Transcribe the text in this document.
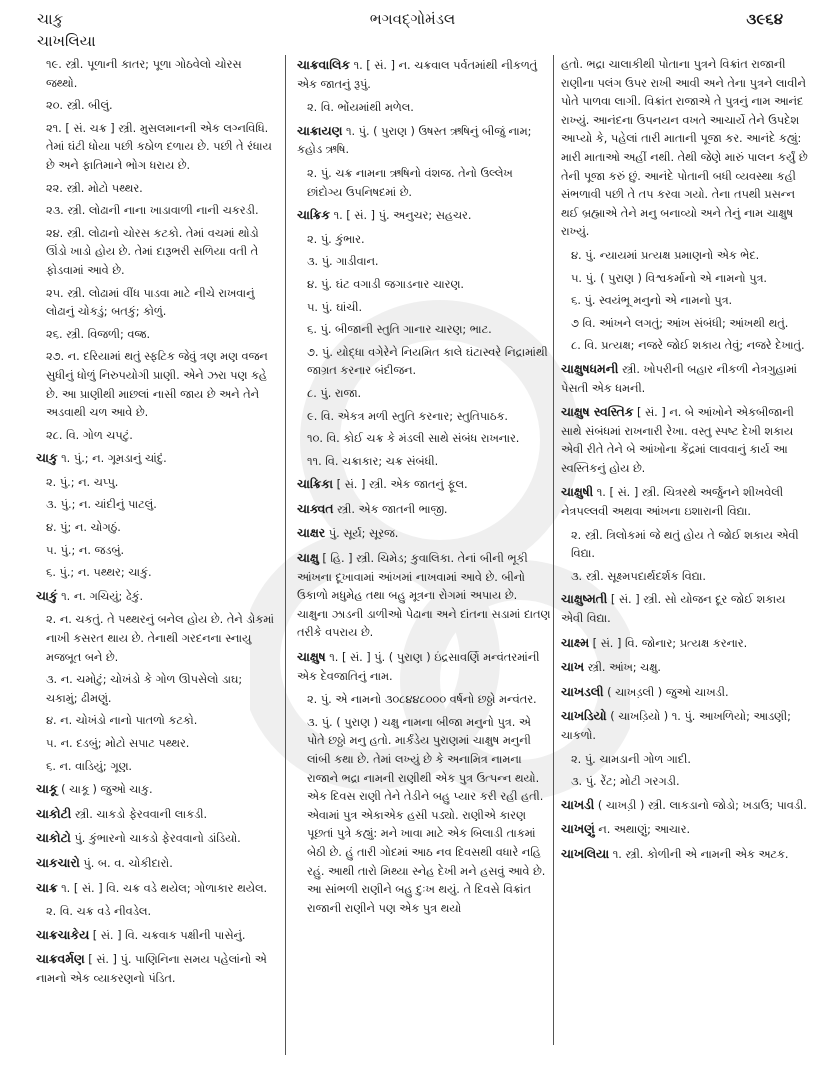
ચાકુ
ચાખલિયા
ભગવદ્ગોમંડલ	૩૯૬૪

૧૯. સ્ત્રી. પૂળાની કાતર; પૂળા ગોઠવેલો ચોરસ જથ્થો.

૨૦. સ્ત્રી. બીલું.

૨૧. [ સં. ચક્ર ] સ્ત્રી. મુસલમાનની એક લગ્નવિધિ. તેમાં ઘંટી ધોયા પછી કઠોળ દળાય છે. પછી તે રંધાય છે અને ફાતિમાને ભોગ ધરાય છે.

૨૨. સ્ત્રી. મોટો પથ્થર.

૨૩. સ્ત્રી. લોઢાની નાના ખાડાવાળી નાની ચકરડી.

૨૪. સ્ત્રી. લોઢાનો ચોરસ કટકો. તેમાં વચમાં થોડો ઊંડો ખાડો હોય છે. તેમાં દારૂભરી સળિયા વતી તે ફોડવામાં આવે છે.

૨૫. સ્ત્રી. લોઢામાં વીંધ પાડવા માટે નીચે રાખવાનું લોઢાનું ચોકડું; બતકું; કોળું.

૨૬. સ્ત્રી. વિજળી; વજ્ર.

૨૭. ન. દરિયામાં થતું સ્ફટિક જેવું ત્રણ મણ વજન સુધીનું ધોળું નિરુપયોગી પ્રાણી. એને ઝરા પણ કહે છે. આ પ્રાણીથી માછલાં નાસી જાય છે અને તેને અડવાથી ચળ આવે છે.

૨૮. વિ. ગોળ ચપટું.

ચાકુ ૧. પું.; ન. ગૂમડાનું ચાંદું.

૨. પું.; ન. ચપ્પુ.

૩. પું.; ન. ચાંદીનું પાટલું.

૪. પું; ન. ચોગઠું.

૫. પું.; ન. જડબું.

૬. પું.; ન. પથ્થર; ચાકું.

ચાકું ૧. ન. ગચિયું; ઢેકું.

૨. ન. ચકતું. તે પથ્થરનું બનેલ હોય છે. તેને ડોકમાં નાખી કસરત થાય છે. તેનાથી ગરદનના સ્નાયુ મજબૂત બને છે.

૩. ન. ચમોટું; ચોખંડો કે ગોળ ઊપસેલો ડાઘ; ચકામું; ઢીમણું.

૪. ન. ચોખંડો નાનો પાતળો કટકો.

૫. ન. દડબું; મોટો સપાટ પથ્થર.

૬. ન. વાડિયું; ગૂણ.

ચાકૂ ( ચાકૂ ) જુઓ ચાકુ.

ચાકોટી સ્ત્રી. ચાકડો ફેરવવાની લાકડી.

ચાકોટો પું. કુંભારનો ચાકડો ફેરવવાનો ડાંડિયો.

ચાકચારો પું. બ. વ. ચોકીદારો.

ચાક્ર ૧. [ સં. ] વિ. ચક્ર વડે થયેલ; ગોળાકાર થયેલ.

૨. વિ. ચક્ર વડે નીવડેલ.

ચાક્રચાકેય [ સં. ] વિ. ચક્રવાક પક્ષીની પાસેનું.

ચાક્રવર્મણ [ સં. ] પું. પાણિનિના સમય પહેલાંનો એ નામનો એક વ્યાકરણનો પંડિત.

ચાક્રવાલિક ૧. [ સં. ] ન. ચક્રવાલ પર્વતમાંથી નીકળતું એક જાતનું રૂપું.

૨. વિ. ભોંયમાંથી મળેલ.

ચાક્રાયણ ૧. પું. ( પુરાણ ) ઉષસ્ત ઋષિનું બીજું નામ; કહોડ ઋષિ.

૨. પું. ચક્ર નામના ઋષિનો વંશજ. તેનો ઉલ્લેખ છાંદોગ્ય ઉપનિષદમાં છે.

ચાક્રિક ૧. [ સં. ] પું. અનુચર; સહચર.

૨. પું. કુંભાર.

૩. પું. ગાડીવાન.

૪. પું. ઘંટ વગાડી જગાડનાર ચારણ.

૫. પું. ઘાંચી.

૬. પું. બીજાની સ્તુતિ ગાનાર ચારણ; ભાટ.

૭. પું. યોદ્ધા વગેરેને નિયમિત કાલે ઘંટાસ્વરે નિદ્રામાંથી જાગ્રત કરનાર બંદીજન.

૮. પું. રાજા.

૯. વિ. એકત્ર મળી સ્તુતિ કરનાર; સ્તુતિપાઠક.

૧૦. વિ. કોઈ ચક્ર કે મંડલી સાથે સંબંધ રાખનાર.

૧૧. વિ. ચક્રાકાર; ચક્ર સંબંધી.

ચાક્રિકા [ સં. ] સ્ત્રી. એક જાતનું ફૂલ.

ચાક્વત સ્ત્રી. એક જાતની ભાજી.

ચાક્ષર પું. સૂર્ય; સૂરજ.

ચાક્ષુ [ હિ. ] સ્ત્રી. ચિમેડ; કુવાલિકા. તેનાં બીની ભૂકી આંખના દૂખાવામાં આંખમાં નાખવામાં આવે છે. બીનો ઉકાળો મધુમેહ તથા બહુ મૂત્રના રોગમાં અપાય છે. ચાક્ષુના ઝાડની ડાળીઓ પેઢાના અને દાંતના સડામાં દાતણ તરીકે વપરાય છે.

ચાક્ષુષ ૧. [ સં. ] પું. ( પુરાણ ) ઇંદ્રસાવર્ણિ મન્વંતરમાંની એક દેવજાતિનું નામ.

૨. પું. એ નામનો ૩૦૮૪૪૮૦૦૦ વર્ષનો છઠ્ઠો મન્વંતર.

૩. પું. ( પુરાણ ) ચક્ષુ નામના બીજા મનુનો પુત્ર. એ પોતે છઠ્ઠો મનુ હતો. માર્કંડેય પુરાણમાં ચાક્ષુષ મનુની લાંબી કથા છે. તેમાં લખ્યું છે કે અનામિત્ર નામના રાજાને ભદ્રા નામની રાણીથી એક પુત્ર ઉત્પન્ન થયો. એક દિવસ રાણી તેને તેડીને બહુ પ્યાર કરી રહી હતી. એવામાં પુત્ર એકાએક હસી પડ્યો. રાણીએ કારણ પૂછતાં પુત્રે કહ્યું: મને ખાવા માટે એક બિલાડી તાકમાં બેઠી છે. હું તારી ગોદમાં આઠ નવ દિવસથી વધારે નહિ રહું. આથી તારો મિથ્યા સ્નેહ દેખી મને હસવું આવે છે. આ સાંભળી રાણીને બહુ દુઃખ થયું. તે દિવસે વિક્રાંત રાજાની રાણીને પણ એક પુત્ર થયો

હતો. ભદ્રા ચાલાકીથી પોતાના પુત્રને વિક્રાંત રાજાની રાણીના પલંગ ઉપર રાખી આવી અને તેના પુત્રને લાવીને પોતે પાળવા લાગી. વિક્રાંત રાજાએ તે પુત્રનું નામ આનંદ રાખ્યું. આનંદના ઉપનયન વખતે આચાર્યે તેને ઉપદેશ આપ્યો કે, પહેલાં તારી માતાની પૂજા કર. આનંદે કહ્યું: મારી માતાઓ અહીં નથી. તેથી જેણે મારું પાલન કર્યું છે તેની પૂજા કરું છું. આનંદે પોતાની બધી વ્યવસ્થા કહી સંભળાવી પછી તે તપ કરવા ગયો. તેના તપથી પ્રસન્ન થઈ બ્રહ્માએ તેને મનુ બનાવ્યો અને તેનું નામ ચાક્ષુષ રાખ્યું.

૪. પું. ન્યાયમાં પ્રત્યક્ષ પ્રમાણનો એક ભેદ.

૫. પું. ( પુરાણ ) વિશ્વકર્માનો એ નામનો પુત્ર.

૬. પું. સ્વયંભૂ મનુનો એ નામનો પુત્ર.

૭ વિ. આંખને લગતું; આંખ સંબંધી; આંખથી થતું.

૮. વિ. પ્રત્યક્ષ; નજરે જોઈ શકાય તેવું; નજરે દેખાતું.

ચાક્ષુષધમની સ્ત્રી. ખોપરીની બહાર નીકળી નેત્રગુહામાં પેસતી એક ધમની.

ચાક્ષુષ સ્વસ્તિક [ સં. ] ન. બે આંખોને એકબીજાની સાથે સંબંધમાં રાખનારી રેખા. વસ્તુ સ્પષ્ટ દેખી શકાય એવી રીતે તેને બે આંખોના કેંદ્રમાં લાવવાનું કાર્ય આ સ્વસ્તિકનું હોય છે.

ચાક્ષુષી ૧. [ સં. ] સ્ત્રી. ચિત્રરથે અર્જુનને શીખવેલી નેત્રપલ્લવી અથવા આંખના ઇશારાની વિદ્યા.

૨. સ્ત્રી. ત્રિલોકમાં જે થતું હોય તે જોઈ શકાય એવી વિદ્યા.

૩. સ્ત્રી. સૂક્ષ્મપદાર્થદર્શક વિદ્યા.

ચાક્ષુષ્મતી [ સં. ] સ્ત્રી. સો યોજન દૂર જોઈ શકાય એવી વિદ્યા.

ચાક્ષ્મ [ સં. ] વિ. જોનાર; પ્રત્યક્ષ કરનાર.

ચાખ સ્ત્રી. આંખ; ચક્ષુ.

ચાખડલી ( ચાખડ઼લી ) જુઓ ચાખડી.

ચાખડિયો ( ચાખડ઼િયો ) ૧. પું. આખળિયો; આડણી; ચાકળો.

૨. પું. ચામડાની ગોળ ગાદી.

૩. પું. રેંટ; મોટી ગરગડી.

ચાખડી ( ચાખડ઼ી ) સ્ત્રી. લાકડાનો જોડો; ખડાઉ; પાવડી.

ચાખણું ન. અથાણું; આચાર.

ચાખલિયા ૧. સ્ત્રી. કોળીની એ નામની એક અટક.
